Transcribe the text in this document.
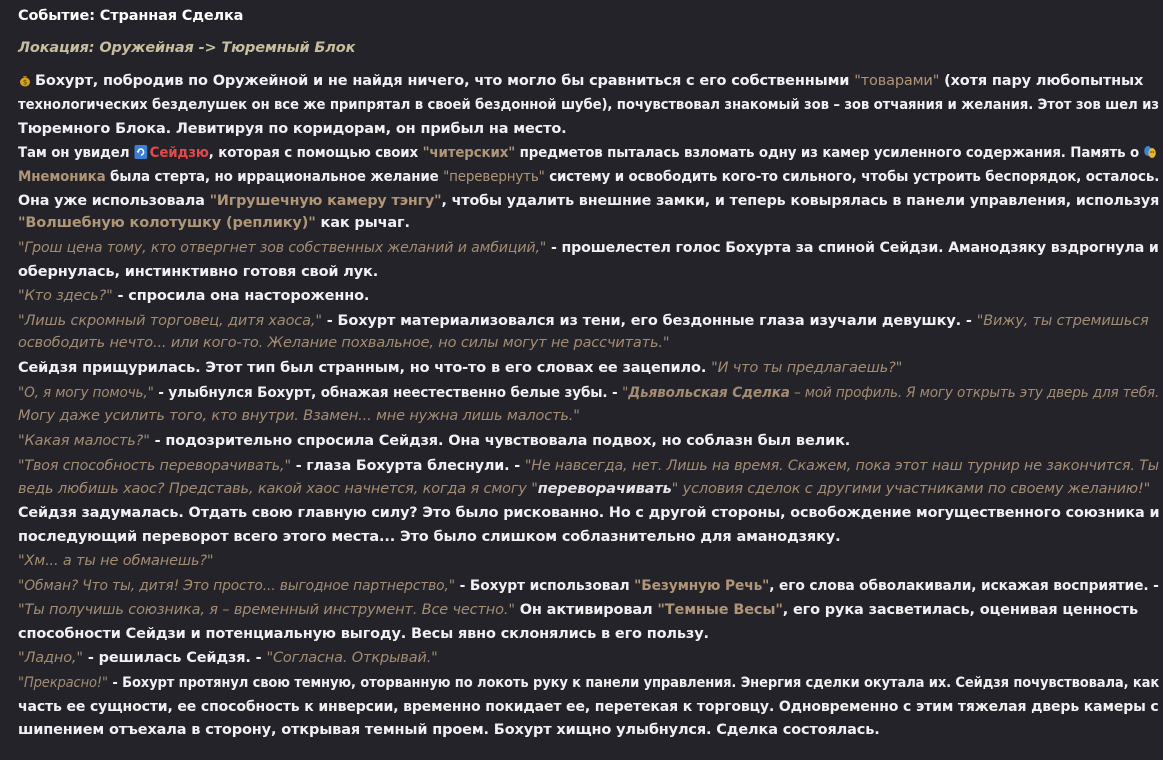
Событие: Странная Сделка
Локация: Оружейная -> Тюремный Блок
$ Бохурт, побродив по Оружейной и не найдя ничего, что могло бы сравниться с его собственными "товарами" (хотя пару любопытных
технологических безделушек он все же припрятал в своей бездонной шубе), почувствовал знакомый зов – зов отчаяния и желания. Этот зов шел из
Тюремного Блока. Левитируя по коридорам, он прибыл на место.
Там он увидел Сейдзю, которая с помощью своих "читерских" предметов пыталась взломать одну из камер усиленного содержания. Память о
Мнемоника была стерта, но иррациональное желание "перевернуть" систему и освободить кого-то сильного, чтобы устроить беспорядок, осталось.
Она уже использовала "Игрушечную камеру тэнгу", чтобы удалить внешние замки, и теперь ковырялась в панели управления, используя
"Волшебную колотушку (реплику)" как рычаг.
"Грош цена тому, кто отвергнет зов собственных желаний и амбиций," - прошелестел голос Бохурта за спиной Сейдзи. Аманодзяку вздрогнула и
обернулась, инстинктивно готовя свой лук.
"Кто здесь?" - спросила она настороженно.
"Лишь скромный торговец, дитя хаоса," - Бохурт материализовался из тени, его бездонные глаза изучали девушку. - "Вижу, ты стремишься
освободить нечто... или кого-то. Желание похвальное, но силы могут не рассчитать."
Сейдзя прищурилась. Этот тип был странным, но что-то в его словах ее зацепило. "И что ты предлагаешь?"
"О, я могу помочь," - улыбнулся Бохурт, обнажая неестественно белые зубы. - "Дьявольская Сделка – мой профиль. Я могу открыть эту дверь для тебя.
Могу даже усилить того, кто внутри. Взамен... мне нужна лишь малость."
"Какая малость?" - подозрительно спросила Сейдзя. Она чувствовала подвох, но соблазн был велик.
"Твоя способность переворачивать," - глаза Бохурта блеснули. - "Не навсегда, нет. Лишь на время. Скажем, пока этот наш турнир не закончится. Ты
ведь любишь хаос? Представь, какой хаос начнется, когда я смогу "переворачивать" условия сделок с другими участниками по своему желанию!"
Сейдзя задумалась. Отдать свою главную силу? Это было рискованно. Но с другой стороны, освобождение могущественного союзника и
последующий переворот всего этого места... Это было слишком соблазнительно для аманодзяку.
"Хм... а ты не обманешь?"
"Обман? Что ты, дитя! Это просто... выгодное партнерство," - Бохурт использовал "Безумную Речь", его слова обволакивали, искажая восприятие. -
"Ты получишь союзника, я – временный инструмент. Все честно." Он активировал "Темные Весы", его рука засветилась, оценивая ценность
способности Сейдзи и потенциальную выгоду. Весы явно склонялись в его пользу.
"Ладно," - решилась Сейдзя. - "Согласна. Открывай."
"Прекрасно!" - Бохурт протянул свою темную, оторванную по локоть руку к панели управления. Энергия сделки окутала их. Сейдзя почувствовала, как
часть ее сущности, ее способность к инверсии, временно покидает ее, перетекая к торговцу. Одновременно с этим тяжелая дверь камеры с
шипением отъехала в сторону, открывая темный проем. Бохурт хищно улыбнулся. Сделка состоялась.
